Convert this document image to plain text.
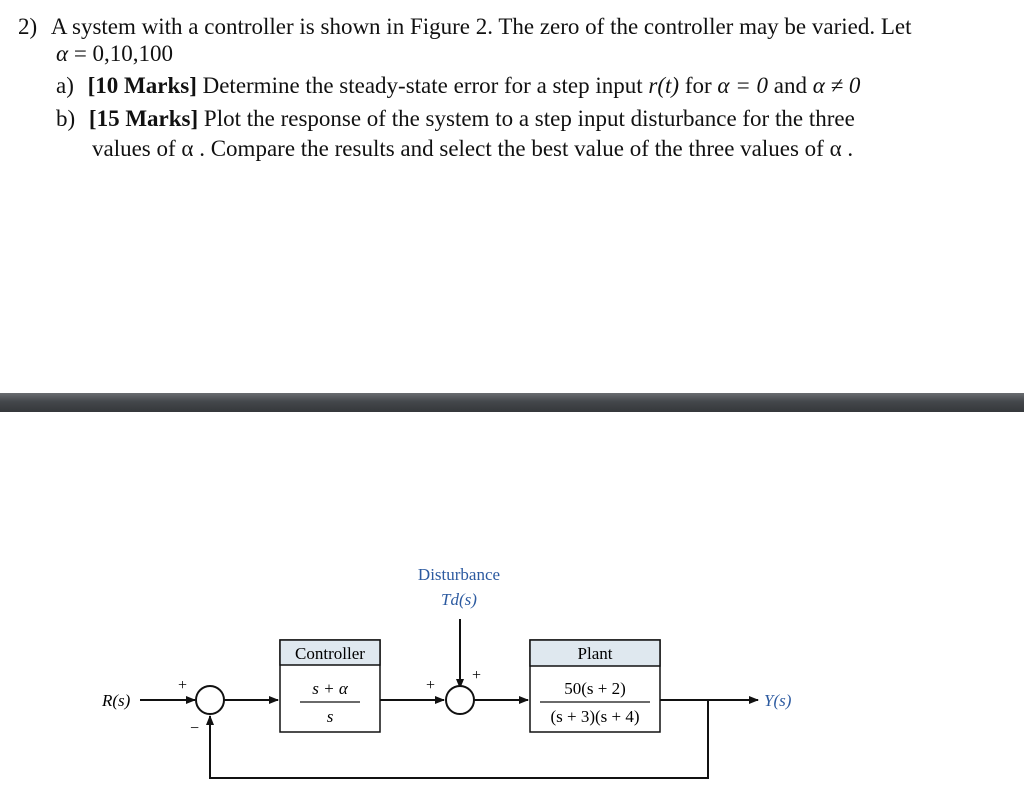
2) A system with a controller is shown in Figure 2. The zero of the controller may be varied. Let
α = 0,10,100
a) [10 Marks] Determine the steady-state error for a step input r(t) for α = 0 and α ≠ 0
b) [15 Marks] Plot the response of the system to a step input disturbance for the three
values of α . Compare the results and select the best value of the three values of α .
Disturbance
Td(s)
R(s)
+
−
Controller
s + α
s
+
+
Plant
50(s + 2)
(s + 3)(s + 4)
Y(s)
